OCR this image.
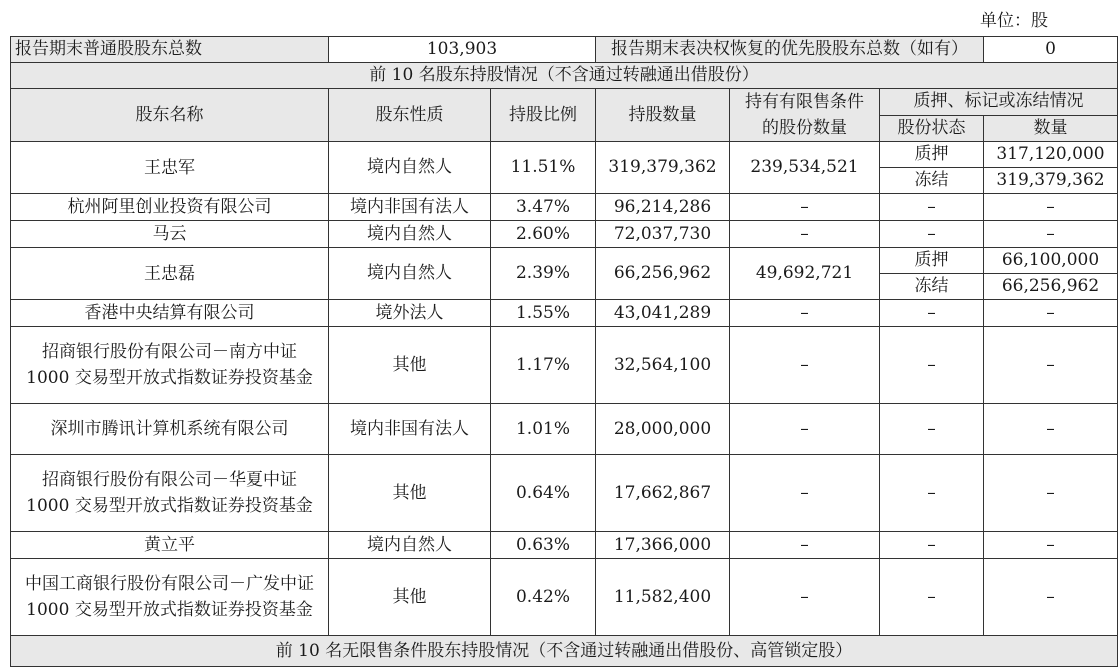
单位：股
报告期末普通股股东总数	103,903		报告期末表决权恢复的优先股股东总数（如有）			0
前 10 名股东持股情况（不含通过转融通出借股份）						
股东名称	股东性质	持股比例	持股数量	持有有限售条件的股份数量	质押、标记或冻结情况	
					股份状态	数量
王忠军	境内自然人	11.51%	319,379,362	239,534,521	质押	317,120,000
					冻结	319,379,362
杭州阿里创业投资有限公司	境内非国有法人	3.47%	96,214,286	–	–	–
马云	境内自然人	2.60%	72,037,730	–	–	–
王忠磊	境内自然人	2.39%	66,256,962	49,692,721	质押	66,100,000
					冻结	66,256,962
香港中央结算有限公司	境外法人	1.55%	43,041,289	–	–	–
招商银行股份有限公司－南方中证 1000 交易型开放式指数证券投资基金	其他	1.17%	32,564,100	–	–	–
深圳市腾讯计算机系统有限公司	境内非国有法人	1.01%	28,000,000	–	–	–
招商银行股份有限公司－华夏中证 1000 交易型开放式指数证券投资基金	其他	0.64%	17,662,867	–	–	–
黄立平	境内自然人	0.63%	17,366,000	–	–	–
中国工商银行股份有限公司－广发中证 1000 交易型开放式指数证券投资基金	其他	0.42%	11,582,400	–	–	–
前 10 名无限售条件股东持股情况（不含通过转融通出借股份、高管锁定股）						
